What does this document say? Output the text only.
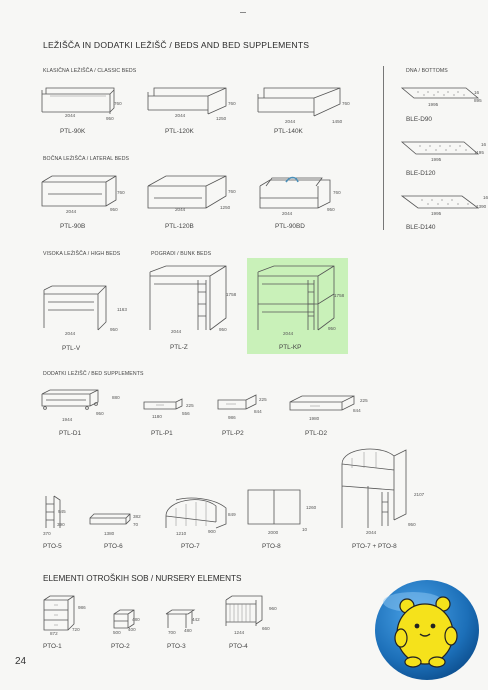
LEŽIŠČA IN DODATKI LEŽIŠČ / BEDS AND BED SUPPLEMENTS
KLASIČNA LEŽIŠČA / CLASSIC BEDS
2044
950
760
PTL-90K
2044
1250
760
PTL-120K
2044	1450
760
PTL-140K
DNA / BOTTOMS
1995
895
16
BLE-D90
1995
1195
16
BLE-D120
1995
1390
16
BLE-D140
BOČNA LEŽIŠČA / LATERAL BEDS
2044	950
760
PTL-90B
2044	1250
760
PTL-120B
2044
950
760
PTL-90BD
VISOKA LEŽIŠČA / HIGH BEDS	POGRADI / BUNK BEDS
2044
950
1163
PTL-V
2044	950
1758
PTL-Z
2044
950
1758
PTL-KP
DODATKI LEŽIŠČ / BED SUPPLEMENTS
1944
950
880
PTL-D1
1180
556
225
PTL-P1
986
844
225
PTL-P2
1980
844
225
PTL-D2
945
390
370
PTO-5
1380
382
70
PTO-6
1210	900
849
PTO-7
2000
10
1260
PTO-8
2044
950
2107
PTO-7 + PTO-8
ELEMENTI OTROŠKIH SOB / NURSERY ELEMENTS
986
720
872
PTO-1
480
400
500
PTO-2
442
480
700
PTO-3
960
660
1244
PTO-4
24
